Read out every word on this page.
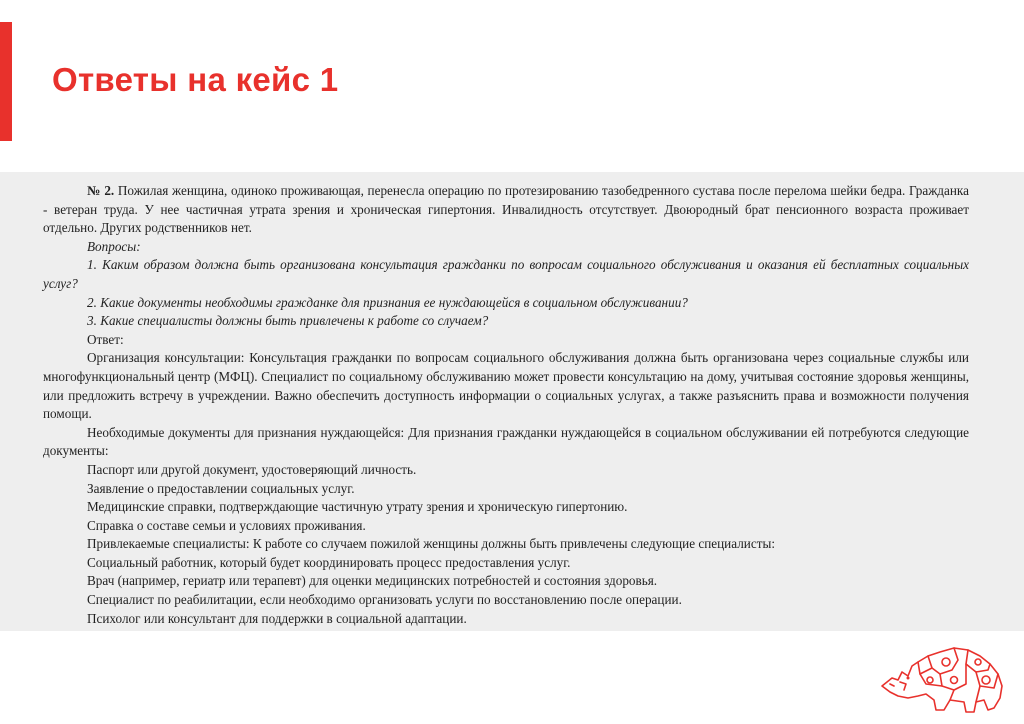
Ответы на кейс 1

№ 2. Пожилая женщина, одиноко проживающая, перенесла операцию по протезированию тазобедренного сустава после перелома шейки бедра. Гражданка - ветеран труда. У нее частичная утрата зрения и хроническая гипертония. Инвалидность отсутствует. Двоюродный брат пенсионного возраста проживает отдельно. Других родственников нет.

Вопросы:

1. Каким образом должна быть организована консультация гражданки по вопросам социального обслуживания и оказания ей бесплатных социальных услуг?

2. Какие документы необходимы гражданке для признания ее нуждающейся в социальном обслуживании?

3. Какие специалисты должны быть привлечены к работе со случаем?

Ответ:

Организация консультации: Консультация гражданки по вопросам социального обслуживания должна быть организована через социальные службы или многофункциональный центр (МФЦ). Специалист по социальному обслуживанию может провести консультацию на дому, учитывая состояние здоровья женщины, или предложить встречу в учреждении. Важно обеспечить доступность информации о социальных услугах, а также разъяснить права и возможности получения помощи.

Необходимые документы для признания нуждающейся: Для признания гражданки нуждающейся в социальном обслуживании ей потребуются следующие документы:

Паспорт или другой документ, удостоверяющий личность.

Заявление о предоставлении социальных услуг.

Медицинские справки, подтверждающие частичную утрату зрения и хроническую гипертонию.

Справка о составе семьи и условиях проживания.

Привлекаемые специалисты: К работе со случаем пожилой женщины должны быть привлечены следующие специалисты:

Социальный работник, который будет координировать процесс предоставления услуг.

Врач (например, гериатр или терапевт) для оценки медицинских потребностей и состояния здоровья.

Специалист по реабилитации, если необходимо организовать услуги по восстановлению после операции.

Психолог или консультант для поддержки в социальной адаптации.
